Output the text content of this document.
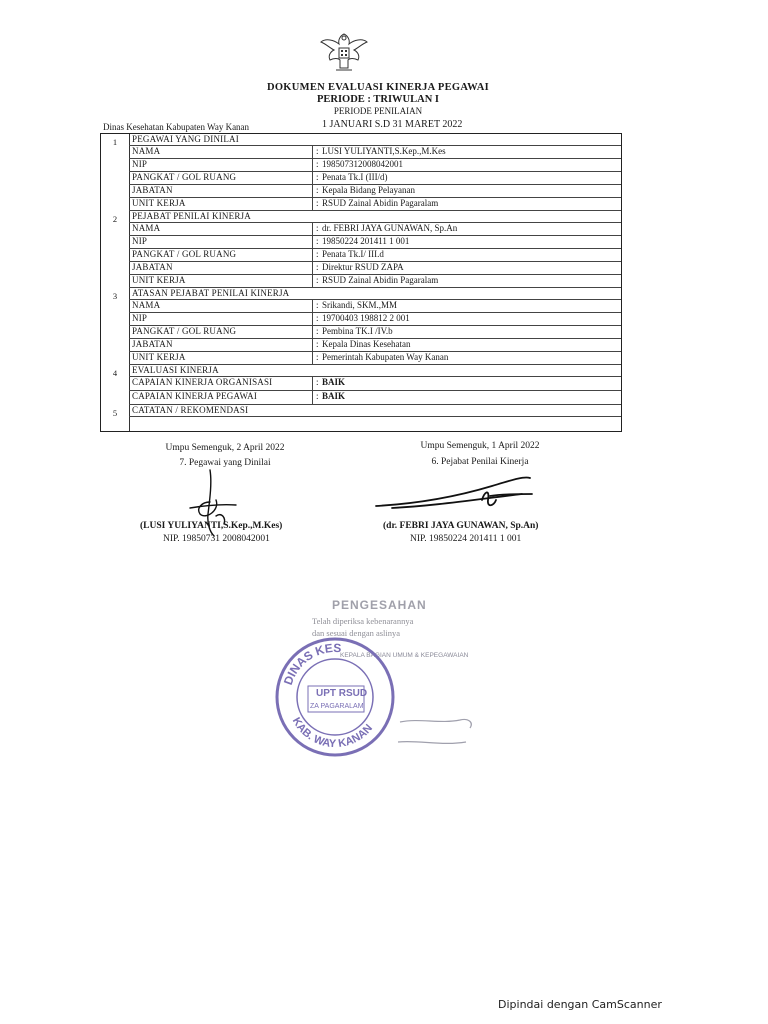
DOKUMEN EVALUASI KINERJA PEGAWAI
PERIODE : TRIWULAN I
PERIODE PENILAIAN
Dinas Kesehatan Kabupaten Way Kanan	1 JANUARI S.D 31 MARET 2022
1	PEGAWAI YANG DINILAI
NAMA	: LUSI YULIYANTI,S.Kep.,M.Kes
NIP	: 198507312008042001
PANGKAT / GOL RUANG	: Penata Tk.I (III/d)
JABATAN	: Kepala Bidang Pelayanan
UNIT KERJA	: RSUD Zainal Abidin Pagaralam
2	PEJABAT PENILAI KINERJA
NAMA	: dr. FEBRI JAYA GUNAWAN, Sp.An
NIP	: 19850224 201411 1 001
PANGKAT / GOL RUANG	: Penata Tk.I/ III.d
JABATAN	: Direktur RSUD ZAPA
UNIT KERJA	: RSUD Zainal Abidin Pagaralam
3	ATASAN PEJABAT PENILAI KINERJA
NAMA	: Srikandi, SKM.,MM
NIP	: 19700403 198812 2 001
PANGKAT / GOL RUANG	: Pembina TK.I /IV.b
JABATAN	: Kepala Dinas Kesehatan
UNIT KERJA	: Pemerintah Kabupaten Way Kanan
4	EVALUASI KINERJA
CAPAIAN KINERJA ORGANISASI	: BAIK
CAPAIAN KINERJA PEGAWAI	: BAIK
5	CATATAN / REKOMENDASI
Umpu Semenguk, 2 April 2022
7. Pegawai yang Dinilai
(LUSI YULIYANTI,S.Kep.,M.Kes)
NIP. 19850731 2008042001
Umpu Semenguk, 1 April 2022
6. Pejabat Penilai Kinerja
(dr. FEBRI JAYA GUNAWAN, Sp.An)
NIP. 19850224 201411 1 001
PENGESAHAN
Telah diperiksa kebenarannya
dan sesuai dengan aslinya
KEPALA BAGIAN UMUM & KEPEGAWAIAN
DINAS KES
KAB. WAY KANAN
UPT RSUD
ZA PAGARALAM
Dipindai dengan CamScanner
